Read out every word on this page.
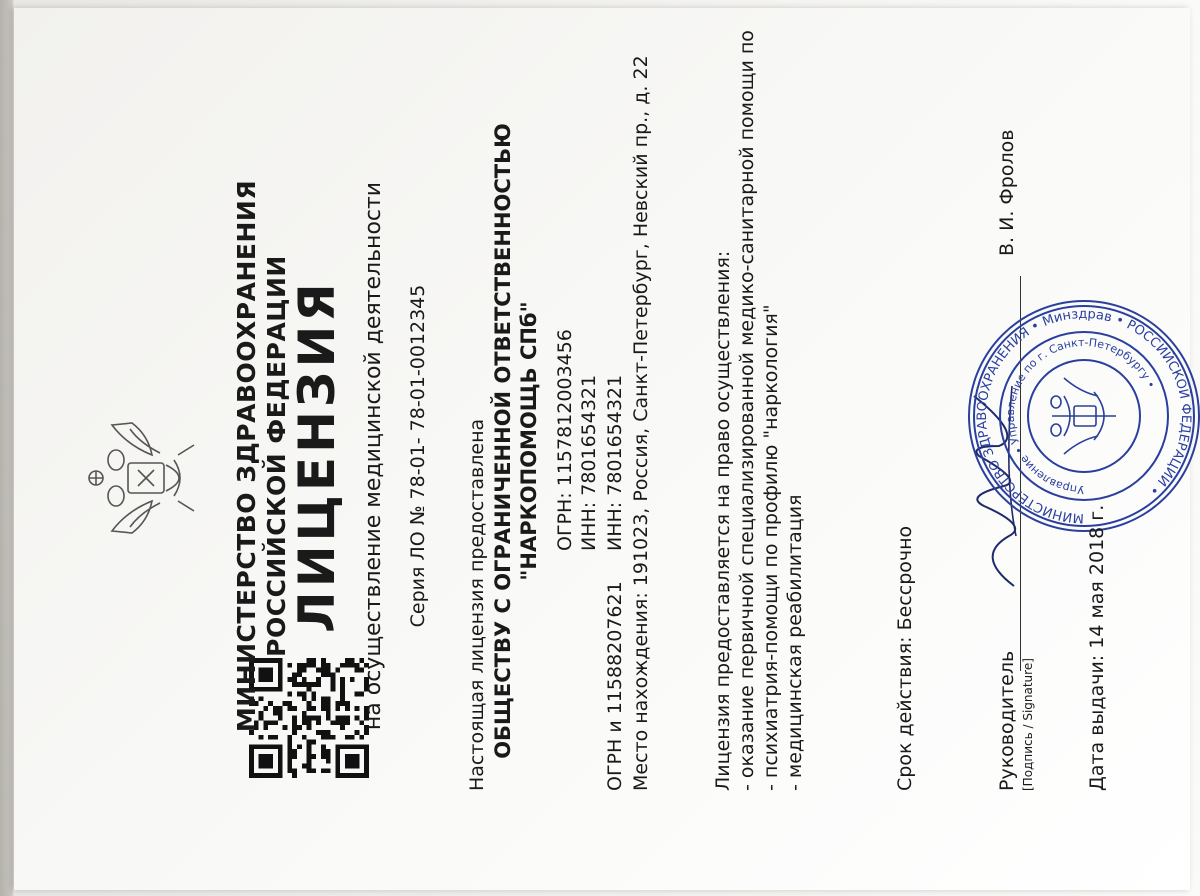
МИНИСТЕРСТВО ЗДРАВООХРАНЕНИЯ РОССИЙСКОЙ ФЕДЕРАЦИИ
ЛИЦЕНЗИЯ на осуществление медицинской деятельности Серия ЛО № 78-01- 78-01-0012345 Настоящая лицензия предоставлена ОБЩЕСТВУ С ОГРАНИЧЕННОЙ ОТВЕТСТВЕННОСТЬЮ "НАРКОПОМОЩЬ СПб" ОГРН: 1157812003456 ИНН: 7801654321
ОГРН и 11588207621
ИНН: 7801654321 Место нахождения: 191023, Россия, Санкт-Петербург, Невский пр., д. 22	Лицензия предоставляется на право осуществления: - оказание первичной специализированной медико-санитарной помощи по - психиатрия-помощи по профилю "наркология" - медицинская реабилитация	Срок действия: Бессрочно	Руководитель [Подпись / Signature]
В. И. Фролов
МИНИСТЕРСТВО ЗДРАВООХРАНЕНИЯ • Минздрав • РОССИЙСКОЙ ФЕДЕРАЦИИ •
Управление • Управление по г. Санкт-Петербургу •
Дата выдачи: 14 мая 2018 г.
